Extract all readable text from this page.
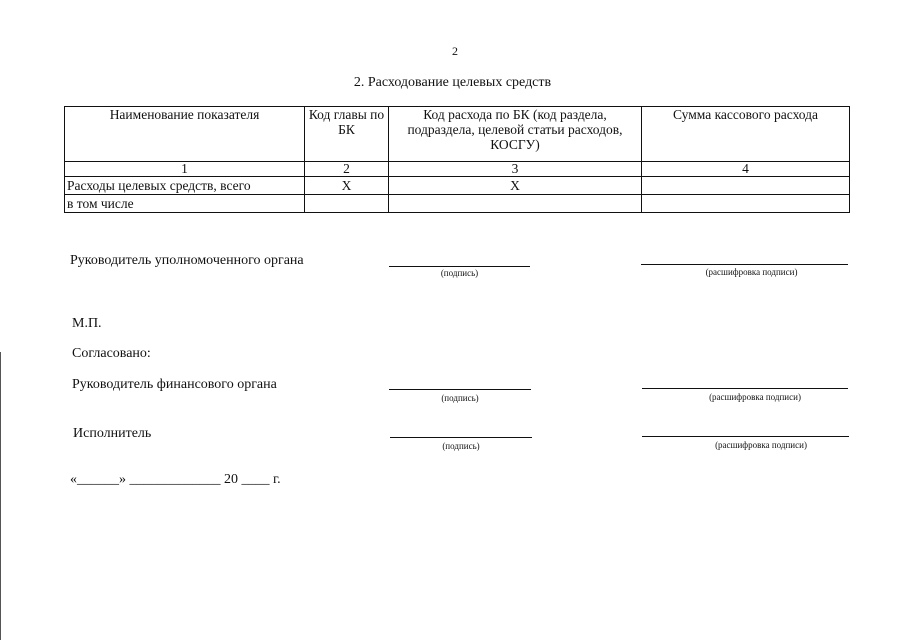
2
2. Расходование целевых средств
Наименование показателя	Код главы по БК	Код расхода по БК (код раздела, подраздела, целевой статьи расходов, КОСГУ)	Сумма кассового расхода
1	2	3	4
Расходы целевых средств, всего	Х	Х	
в том числе			
Руководитель уполномоченного органа
(подпись)	(расшифровка подписи)
М.П.
Согласовано:
Руководитель финансового органа
(подпись)	(расшифровка подписи)
Исполнитель
(подпись)	(расшифровка подписи)
«______» _____________ 20 ____ г.
